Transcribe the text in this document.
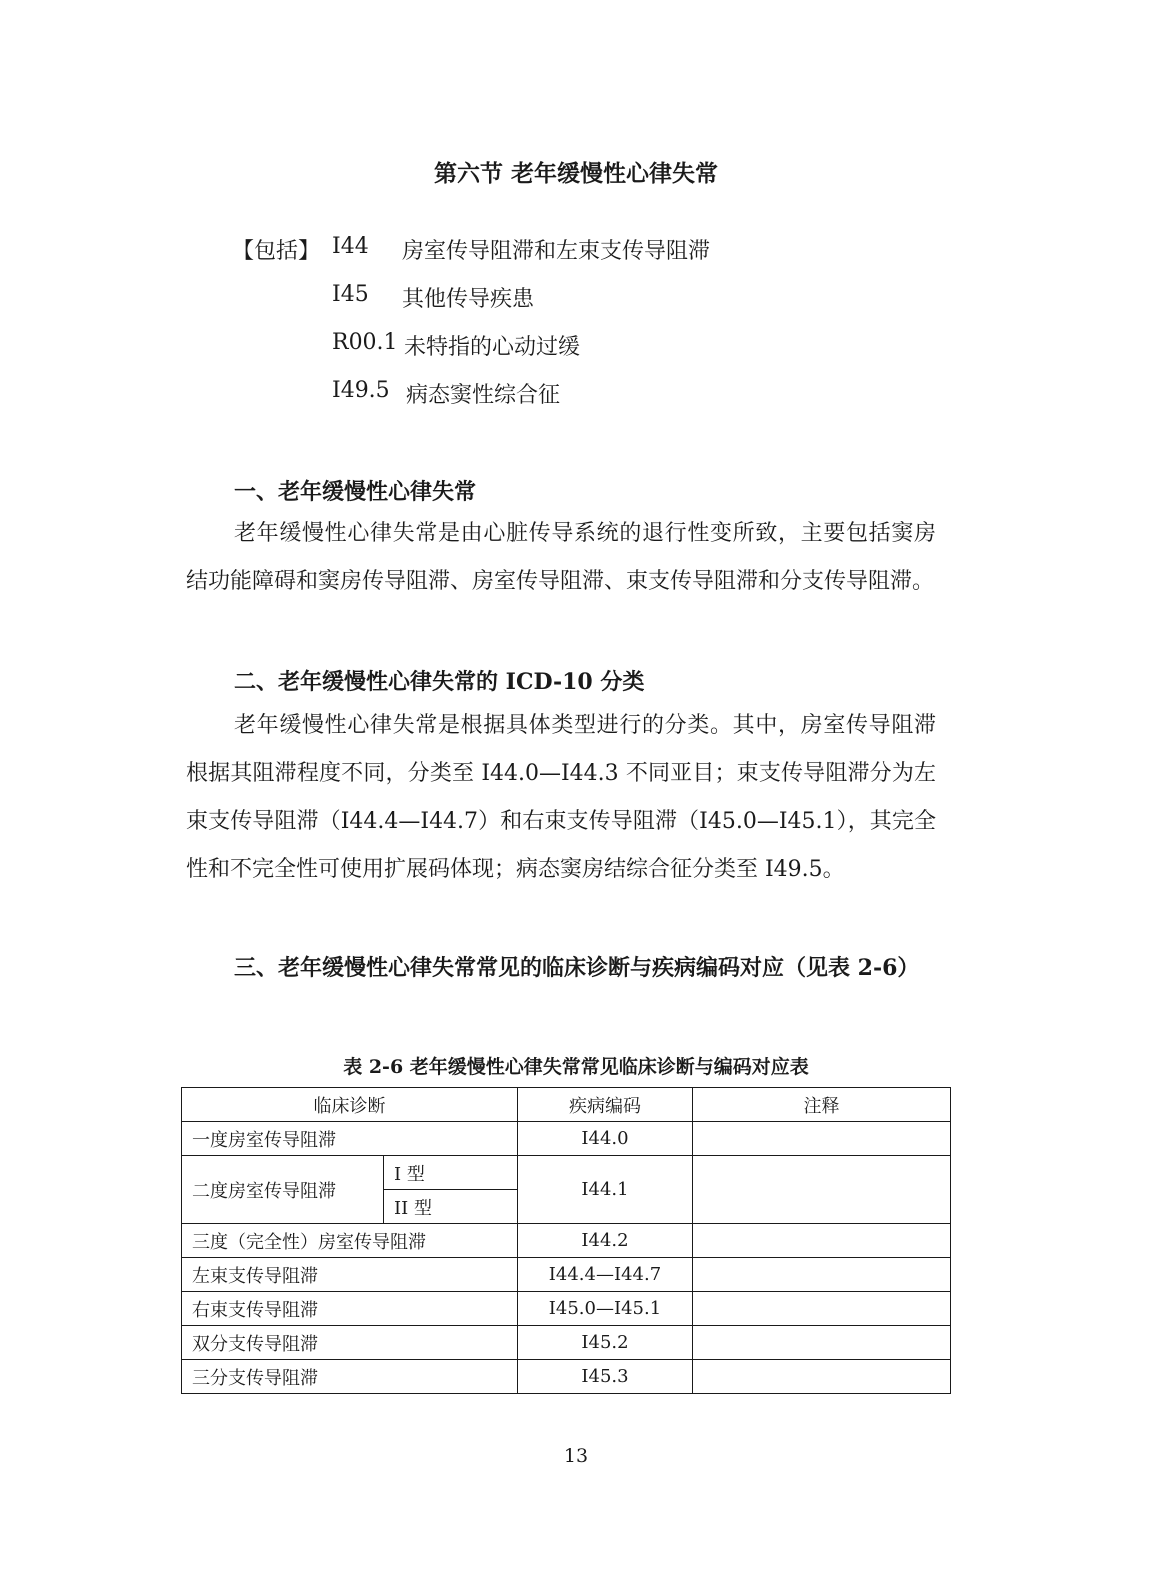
第六节 老年缓慢性心律失常
【包括】 I44 房室传导阻滞和左束支传导阻滞
I45 其他传导疾患
R00.1 未特指的心动过缓
I49.5 病态窦性综合征
一、老年缓慢性心律失常

老年缓慢性心律失常是由心脏传导系统的退行性变所致，主要包括窦房结功能障碍和窦房传导阻滞、房室传导阻滞、束支传导阻滞和分支传导阻滞。

二、老年缓慢性心律失常的 ICD-10 分类

老年缓慢性心律失常是根据具体类型进行的分类。其中，房室传导阻滞根据其阻滞程度不同，分类至 I44.0—I44.3 不同亚目；束支传导阻滞分为左束支传导阻滞（I44.4—I44.7）和右束支传导阻滞（I45.0—I45.1），其完全性和不完全性可使用扩展码体现；病态窦房结综合征分类至 I49.5。

三、老年缓慢性心律失常常见的临床诊断与疾病编码对应（见表 2-6）
表 2-6 老年缓慢性心律失常常见临床诊断与编码对应表
临床诊断		疾病编码	注释
一度房室传导阻滞		I44.0	
二度房室传导阻滞	I 型	I44.1	
	II 型		
三度（完全性）房室传导阻滞		I44.2	
左束支传导阻滞		I44.4—I44.7	
右束支传导阻滞		I45.0—I45.1	
双分支传导阻滞		I45.2	
三分支传导阻滞		I45.3	
13
